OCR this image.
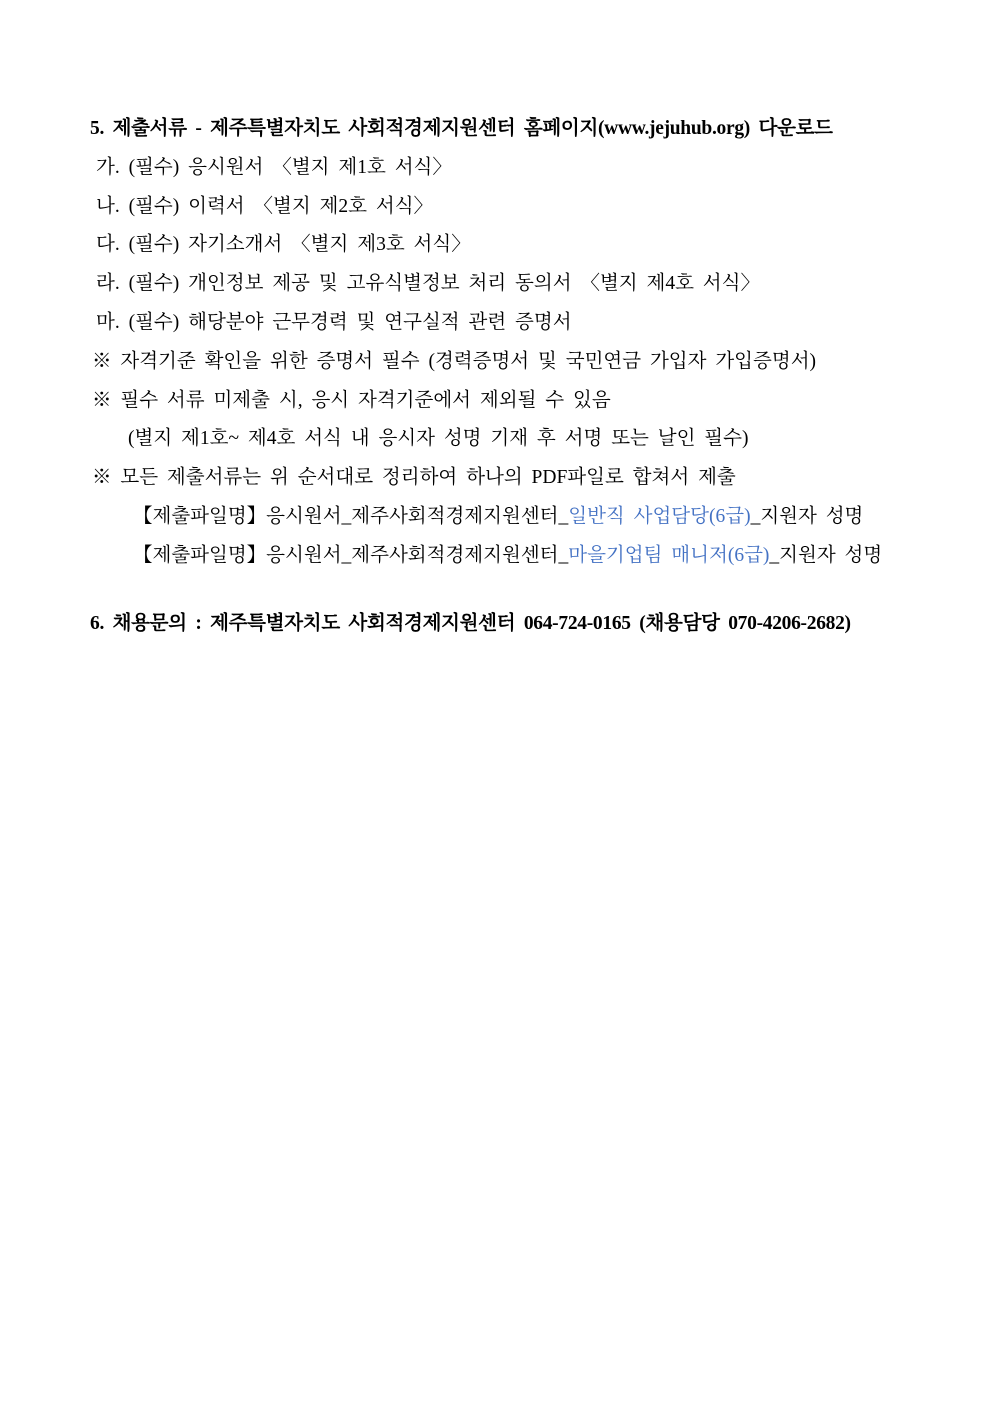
5. 제출서류 - 제주특별자치도 사회적경제지원센터 홈페이지(www.jejuhub.org) 다운로드
가. (필수) 응시원서 〈별지 제1호 서식〉
나. (필수) 이력서 〈별지 제2호 서식〉
다. (필수) 자기소개서 〈별지 제3호 서식〉
라. (필수) 개인정보 제공 및 고유식별정보 처리 동의서 〈별지 제4호 서식〉
마. (필수) 해당분야 근무경력 및 연구실적 관련 증명서
※ 자격기준 확인을 위한 증명서 필수 (경력증명서 및 국민연금 가입자 가입증명서)
※ 필수 서류 미제출 시, 응시 자격기준에서 제외될 수 있음
(별지 제1호~ 제4호 서식 내 응시자 성명 기재 후 서명 또는 날인 필수)
※ 모든 제출서류는 위 순서대로 정리하여 하나의 PDF파일로 합쳐서 제출
【제출파일명】응시원서_제주사회적경제지원센터_일반직 사업담당(6급)_지원자 성명
【제출파일명】응시원서_제주사회적경제지원센터_마을기업팀 매니저(6급)_지원자 성명
6. 채용문의 : 제주특별자치도 사회적경제지원센터 064-724-0165 (채용담당 070-4206-2682)
